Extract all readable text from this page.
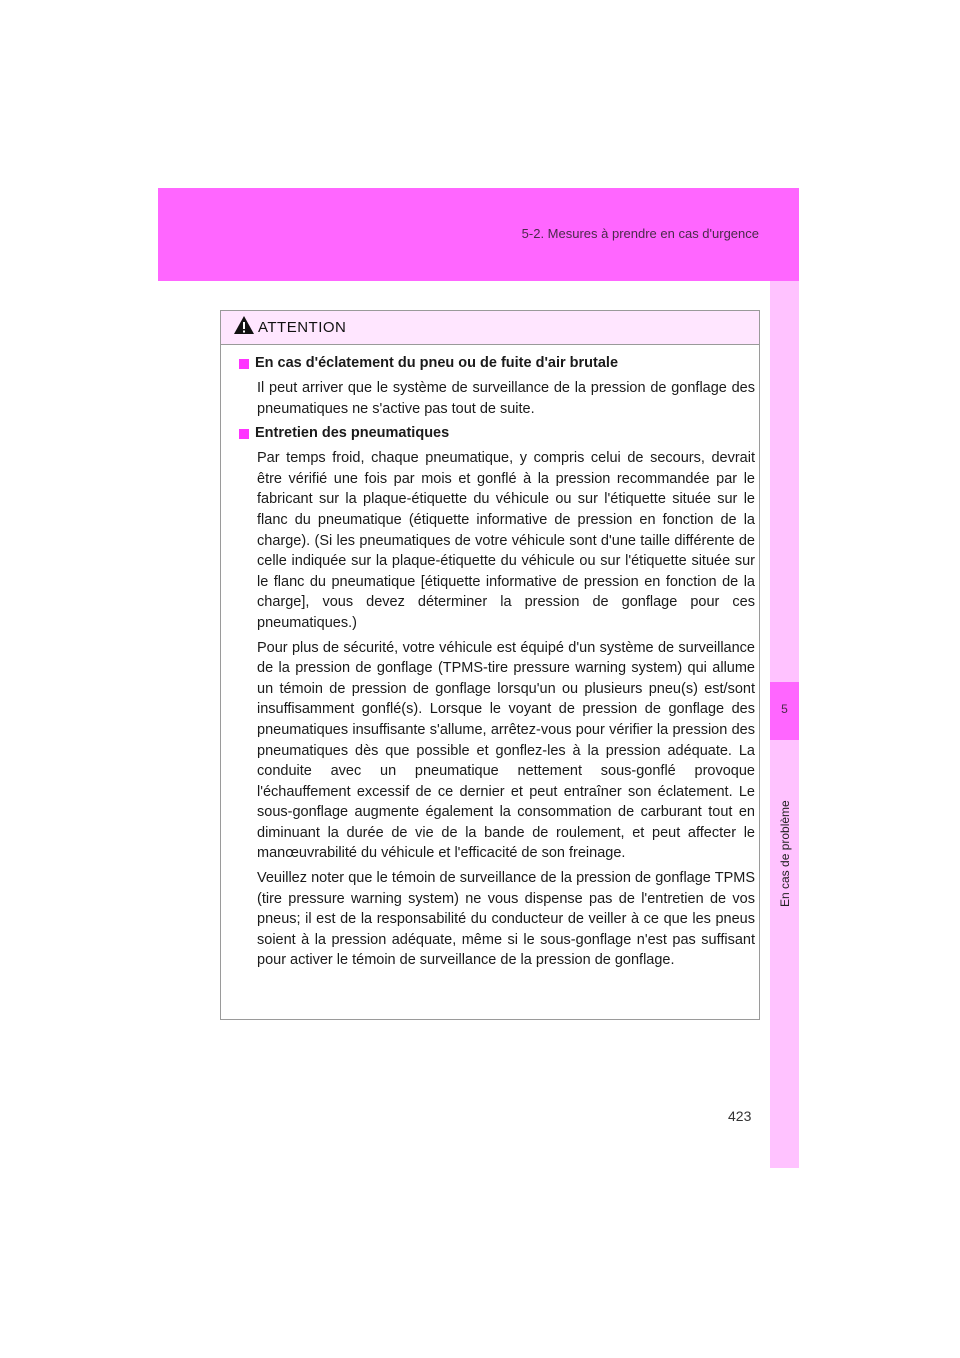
5-2. Mesures à prendre en cas d'urgence
5
En cas de problème
ATTENTION
En cas d'éclatement du pneu ou de fuite d'air brutale

Il peut arriver que le système de surveillance de la pression de gonflage des pneumatiques ne s'active pas tout de suite.

Entretien des pneumatiques

Par temps froid, chaque pneumatique, y compris celui de secours, devrait être vérifié une fois par mois et gonflé à la pression recommandée par le fabricant sur la plaque-étiquette du véhicule ou sur l'étiquette située sur le flanc du pneumatique (étiquette informative de pression en fonction de la charge). (Si les pneumatiques de votre véhicule sont d'une taille différente de celle indiquée sur la plaque-étiquette du véhicule ou sur l'étiquette située sur le flanc du pneumatique [étiquette informative de pression en fonction de la charge], vous devez déterminer la pression de gonflage pour ces pneumatiques.)

Pour plus de sécurité, votre véhicule est équipé d'un système de surveillance de la pression de gonflage (TPMS-tire pressure warning system) qui allume un témoin de pression de gonflage lorsqu'un ou plusieurs pneu(s) est/sont insuffisamment gonflé(s). Lorsque le voyant de pression de gonflage des pneumatiques insuffisante s'allume, arrêtez-vous pour vérifier la pression des pneumatiques dès que possible et gonflez-les à la pression adéquate. La conduite avec un pneumatique nettement sous-gonflé provoque l'échauffement excessif de ce dernier et peut entraîner son éclatement. Le sous-gonflage augmente également la consommation de carburant tout en diminuant la durée de vie de la bande de roulement, et peut affecter le manœuvrabilité du véhicule et l'efficacité de son freinage.

Veuillez noter que le témoin de surveillance de la pression de gonflage TPMS (tire pressure warning system) ne vous dispense pas de l'entretien de vos pneus; il est de la responsabilité du conducteur de veiller à ce que les pneus soient à la pression adéquate, même si le sous-gonflage n'est pas suffisant pour activer le témoin de surveillance de la pression de gonflage.

423
